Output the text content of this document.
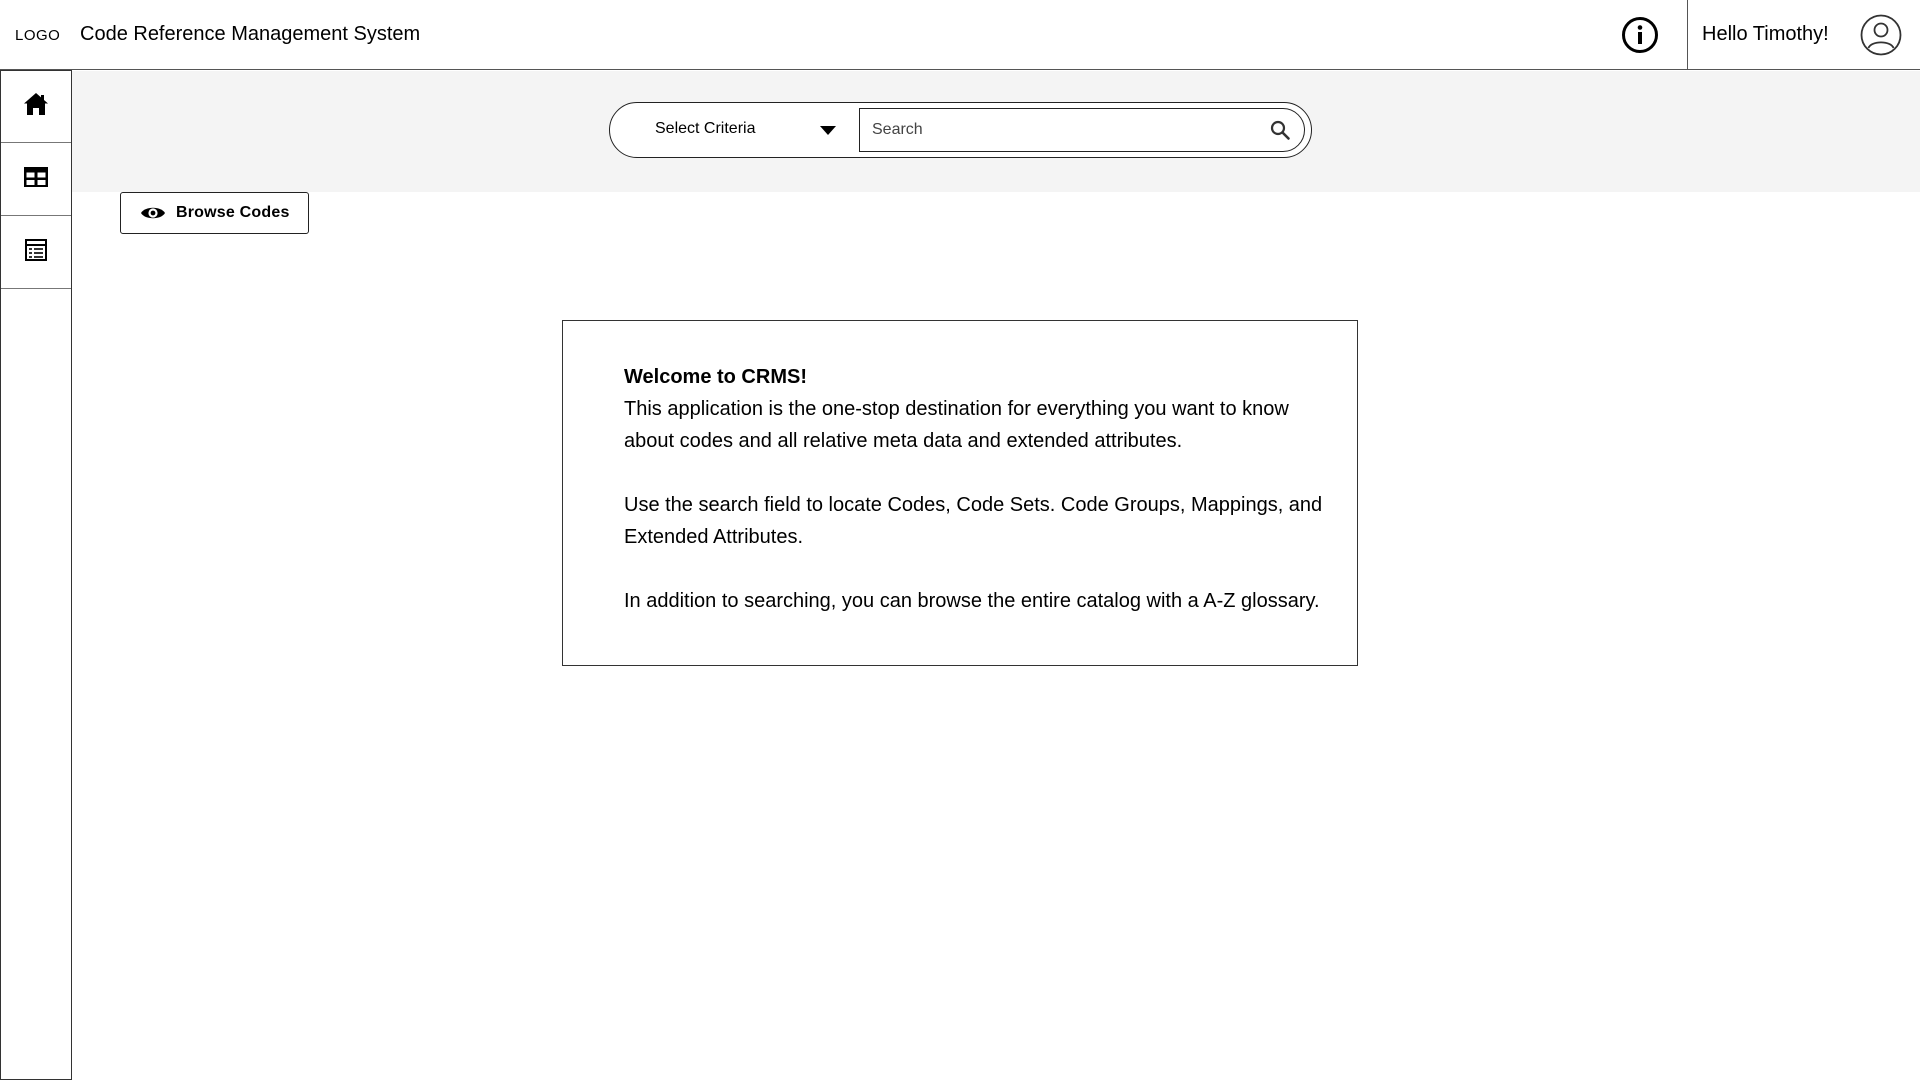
LOGO Code Reference Management System	Hello Timothy!
Select Criteria
Search
Browse Codes
Welcome to CRMS!

This application is the one-stop destination for everything you want to know about codes and all relative meta data and extended attributes.

Use the search field to locate Codes, Code Sets. Code Groups, Mappings, and Extended Attributes.

In addition to searching, you can browse the entire catalog with a A-Z glossary.
